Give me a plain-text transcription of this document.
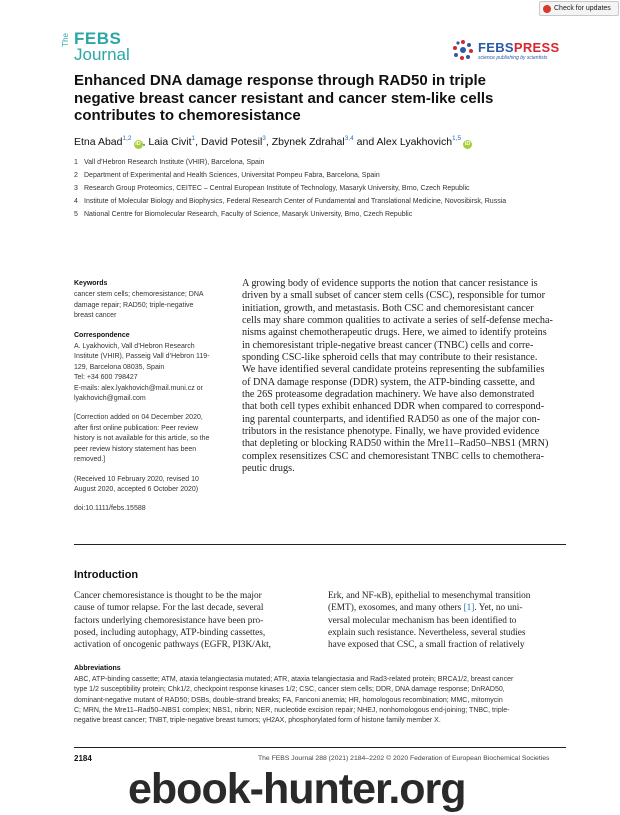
Check for updates
The FEBS
Journal	FEBSPRESS
science publishing by scientists
Enhanced DNA damage response through RAD50 in triple
negative breast cancer resistant and cancer stem-like cells
contributes to chemoresistance
Etna Abad$^{1,2}$iD , Laia Civit$^1$, David Potesil$^3$, Zbynek Zdrahal$^{3,4}$ and Alex Lyakhovich$^{1,5}$iD
1 Vall d’Hebron Research Institute (VHIR), Barcelona, Spain
2 Department of Experimental and Health Sciences, Universitat Pompeu Fabra, Barcelona, Spain
3 Research Group Proteomics, CEITEC – Central European Institute of Technology, Masaryk University, Brno, Czech Republic
4 Institute of Molecular Biology and Biophysics, Federal Research Center of Fundamental and Translational Medicine, Novosibirsk, Russia
5 National Centre for Biomolecular Research, Faculty of Science, Masaryk University, Brno, Czech Republic
Keywords
cancer stem cells; chemoresistance; DNA
damage repair; RAD50; triple-negative
breast cancer
Correspondence
A. Lyakhovich, Vall d’Hebron Research
Institute (VHIR), Passeig Vall d’Hebron 119-
129, Barcelona 08035, Spain
Tel: +34 600 798427
E-mails: alex.lyakhovich@mail.muni.cz or
lyakhovich@gmail.com
[Correction added on 04 December 2020,
after first online publication: Peer review
history is not available for this article, so the
peer review history statement has been
removed.]
(Received 10 February 2020, revised 10
August 2020, accepted 6 October 2020)
doi:10.1111/febs.15588
A growing body of evidence supports the notion that cancer resistance is
driven by a small subset of cancer stem cells (CSC), responsible for tumor
initiation, growth, and metastasis. Both CSC and chemoresistant cancer
cells may share common qualities to activate a series of self-defense mecha-
nisms against chemotherapeutic drugs. Here, we aimed to identify proteins
in chemoresistant triple-negative breast cancer (TNBC) cells and corre-
sponding CSC-like spheroid cells that may contribute to their resistance.
We have identified several candidate proteins representing the subfamilies
of DNA damage response (DDR) system, the ATP-binding cassette, and
the 26S proteasome degradation machinery. We have also demonstrated
that both cell types exhibit enhanced DDR when compared to correspond-
ing parental counterparts, and identified RAD50 as one of the major con-
tributors in the resistance phenotype. Finally, we have provided evidence
that depleting or blocking RAD50 within the Mre11–Rad50–NBS1 (MRN)
complex resensitizes CSC and chemoresistant TNBC cells to chemothera-
peutic drugs.
Introduction
Cancer chemoresistance is thought to be the major
cause of tumor relapse. For the last decade, several
factors underlying chemoresistance have been pro-
posed, including autophagy, ATP-binding cassettes,
activation of oncogenic pathways (EGFR, PI3K/Akt,
Erk, and NF-κB), epithelial to mesenchymal transition
(EMT), exosomes, and many others [1]. Yet, no uni-
versal molecular mechanism has been identified to
explain such resistance. Nevertheless, several studies
have exposed that CSC, a small fraction of relatively
Abbreviations
ABC, ATP-binding cassette; ATM, ataxia telangiectasia mutated; ATR, ataxia telangiectasia and Rad3-related protein; BRCA1/2, breast cancer
type 1/2 susceptibility protein; Chk1/2, checkpoint response kinases 1/2; CSC, cancer stem cells; DDR, DNA damage response; DnRAD50,
dominant-negative mutant of RAD50; DSBs, double-strand breaks; FA, Fanconi anemia; HR, homologous recombination; MMC, mitomycin
C; MRN, the Mre11–Rad50–NBS1 complex; NBS1, nibrin; NER, nucleotide excision repair; NHEJ, nonhomologous end-joining; TNBC, triple-
negative breast cancer; TNBT, triple-negative breast tumors; γH2AX, phosphorylated form of histone family member X.
2184	The FEBS Journal 288 (2021) 2184–2202 © 2020 Federation of European Biochemical Societies
ebook-hunter.org
